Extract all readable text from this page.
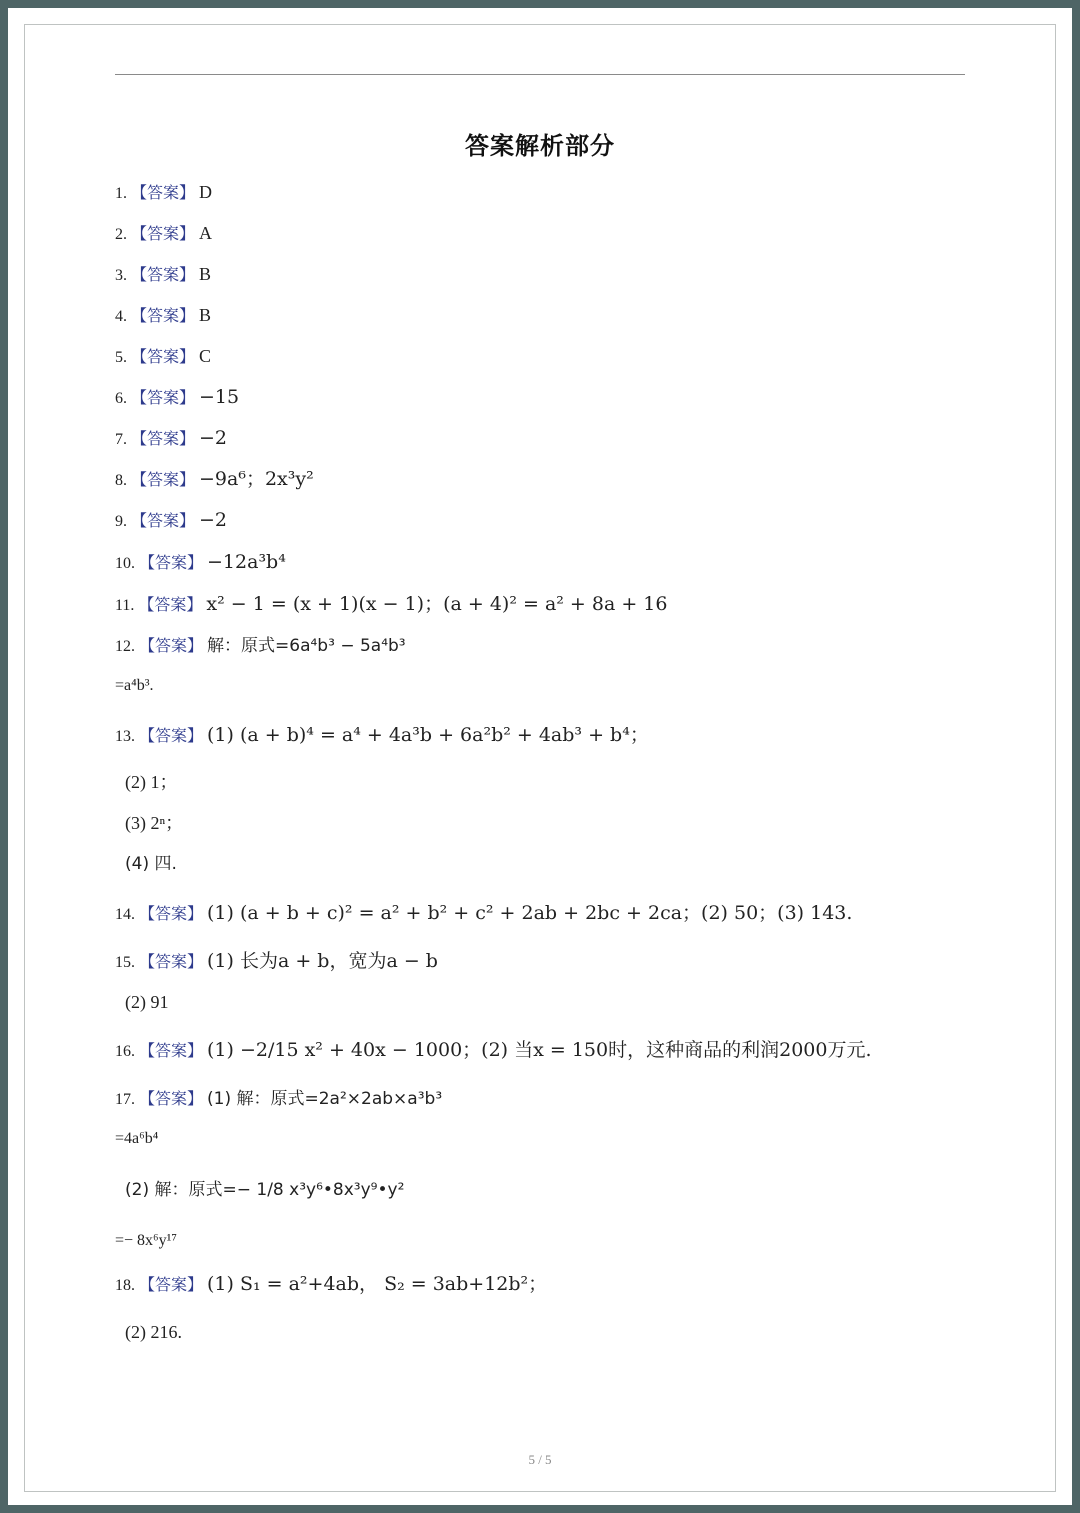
答案解析部分
1. 【答案】 D
2. 【答案】 A
3. 【答案】 B
4. 【答案】 B
5. 【答案】 C
6. 【答案】 −15
7. 【答案】 −2
8. 【答案】 −9a⁶；2x³y²
9. 【答案】 −2
10. 【答案】 −12a³b⁴
11. 【答案】 x² − 1 = (x + 1)(x − 1)；(a + 4)² = a² + 8a + 16
12. 【答案】 解：原式=6a⁴b³ − 5a⁴b³
=a⁴b³.
13. 【答案】 (1) (a + b)⁴ = a⁴ + 4a³b + 6a²b² + 4ab³ + b⁴；
(2) 1；
(3) 2ⁿ；
(4) 四.
14. 【答案】 (1) (a + b + c)² = a² + b² + c² + 2ab + 2bc + 2ca；(2) 50；(3) 143.
15. 【答案】 (1) 长为a + b，宽为a − b
(2) 91
16. 【答案】 (1) −2/15 x² + 40x − 1000；(2) 当x = 150时，这种商品的利润2000万元.
17. 【答案】 (1) 解：原式=2a²×2ab×a³b³
=4a⁶b⁴
(2) 解：原式=− 1/8 x³y⁶•8x³y⁹•y²
=− 8x⁶y¹⁷
18. 【答案】 (1) S₁ = a²+4ab， S₂ = 3ab+12b²；
(2) 216.
5 / 5
